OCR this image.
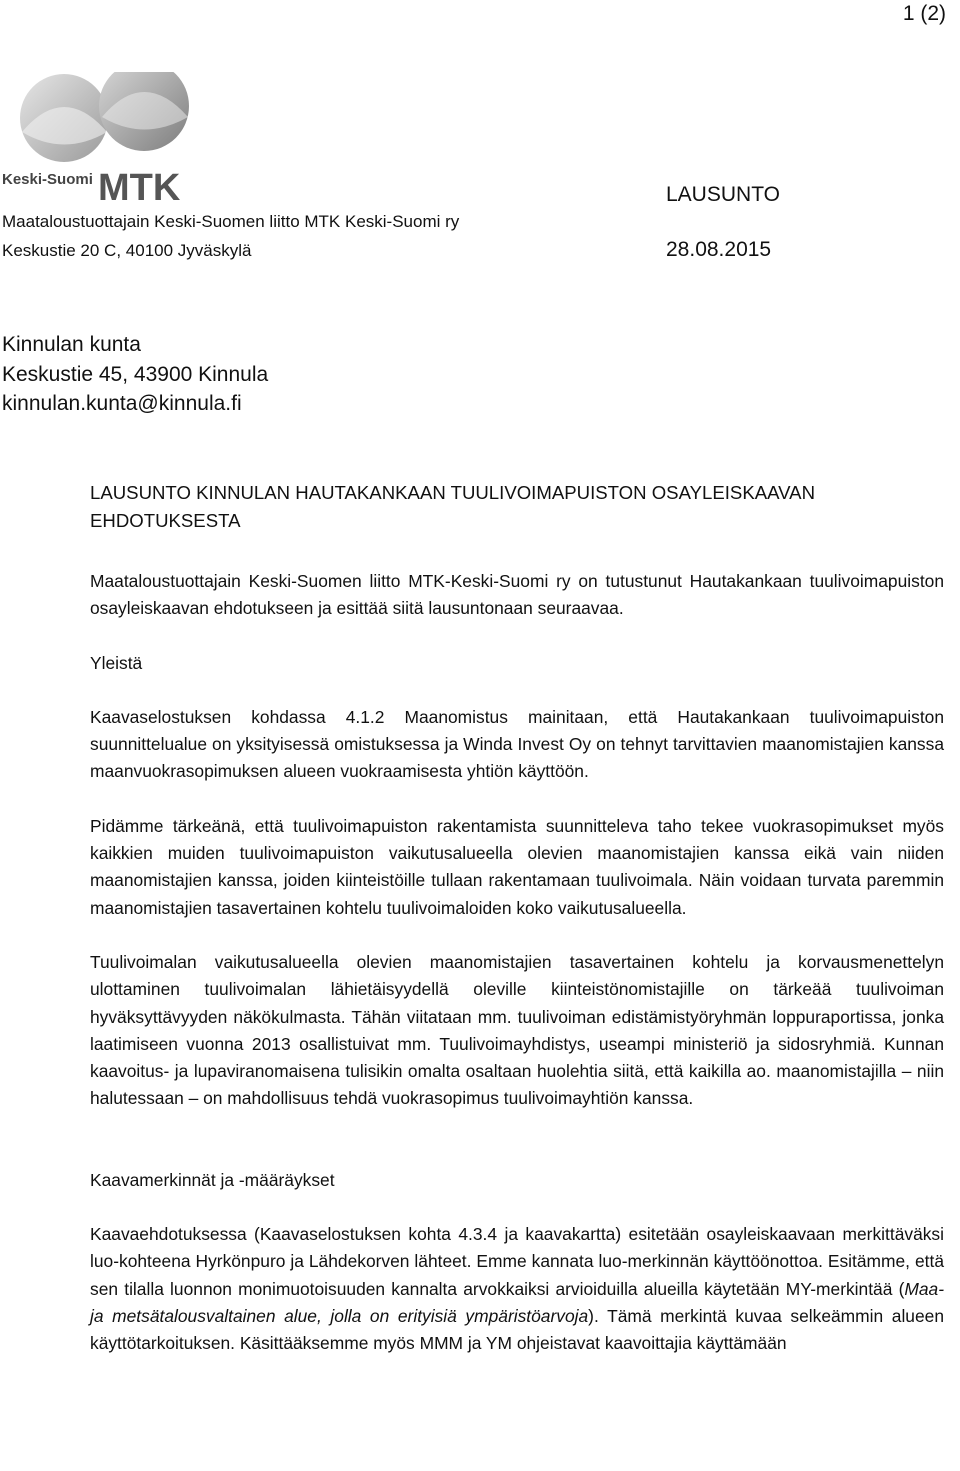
1 (2)
Keski-Suomi MTK
Maataloustuottajain Keski-Suomen liitto MTK Keski-Suomi ry
Keskustie 20 C, 40100 Jyväskylä
LAUSUNTO
28.08.2015
Kinnulan kunta
Keskustie 45, 43900 Kinnula
kinnulan.kunta@kinnula.fi

LAUSUNTO KINNULAN HAUTAKANKAAN TUULIVOIMAPUISTON OSAYLEISKAAVAN EHDOTUKSESTA

Maataloustuottajain Keski-Suomen liitto MTK-Keski-Suomi ry on tutustunut Hautakankaan tuulivoimapuiston osayleiskaavan ehdotukseen ja esittää siitä lausuntonaan seuraavaa.

Yleistä

Kaavaselostuksen kohdassa 4.1.2 Maanomistus mainitaan, että Hautakankaan tuulivoimapuiston suunnittelualue on yksityisessä omistuksessa ja Winda Invest Oy on tehnyt tarvittavien maanomistajien kanssa maanvuokrasopimuksen alueen vuokraamisesta yhtiön käyttöön.

Pidämme tärkeänä, että tuulivoimapuiston rakentamista suunnitteleva taho tekee vuokrasopimukset myös kaikkien muiden tuulivoimapuiston vaikutusalueella olevien maanomistajien kanssa eikä vain niiden maanomistajien kanssa, joiden kiinteistöille tullaan rakentamaan tuulivoimala. Näin voidaan turvata paremmin maanomistajien tasavertainen kohtelu tuulivoimaloiden koko vaikutusalueella.

Tuulivoimalan vaikutusalueella olevien maanomistajien tasavertainen kohtelu ja korvausmenettelyn ulottaminen tuulivoimalan lähietäisyydellä oleville kiinteistönomistajille on tärkeää tuulivoiman hyväksyttävyyden näkökulmasta. Tähän viitataan mm. tuulivoiman edistämistyöryhmän loppuraportissa, jonka laatimiseen vuonna 2013 osallistuivat mm. Tuulivoimayhdistys, useampi ministeriö ja sidosryhmiä. Kunnan kaavoitus- ja lupaviranomaisena tulisikin omalta osaltaan huolehtia siitä, että kaikilla ao. maanomistajilla – niin halutessaan – on mahdollisuus tehdä vuokrasopimus tuulivoimayhtiön kanssa.

Kaavamerkinnät ja -määräykset

Kaavaehdotuksessa (Kaavaselostuksen kohta 4.3.4 ja kaavakartta) esitetään osayleiskaavaan merkittäväksi luo-kohteena Hyrkönpuro ja Lähdekorven lähteet. Emme kannata luo-merkinnän käyttöönottoa. Esitämme, että sen tilalla luonnon monimuotoisuuden kannalta arvokkaiksi arvioiduilla alueilla käytetään MY-merkintää (Maa- ja metsätalousvaltainen alue, jolla on erityisiä ympäristöarvoja). Tämä merkintä kuvaa selkeämmin alueen käyttötarkoituksen. Käsittääksemme myös MMM ja YM ohjeistavat kaavoittajia käyttämään
